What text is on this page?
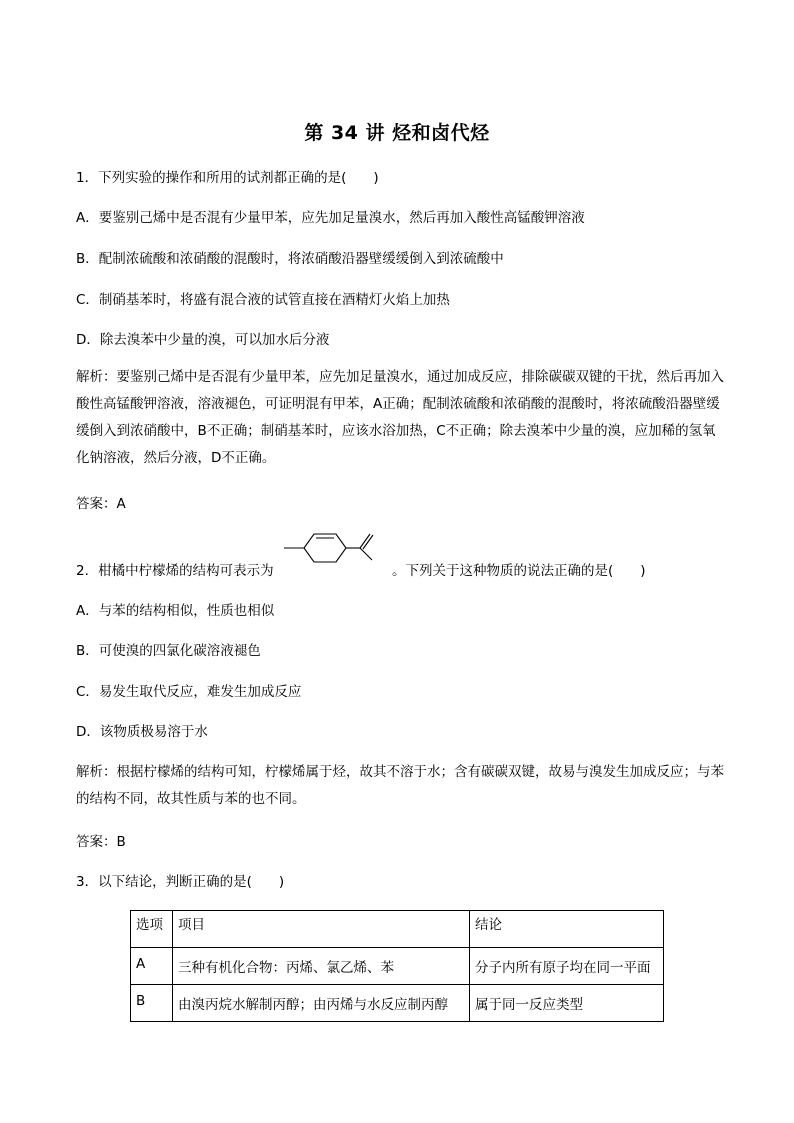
第 34 讲 烃和卤代烃
1．下列实验的操作和所用的试剂都正确的是(　　)
A．要鉴别己烯中是否混有少量甲苯，应先加足量溴水，然后再加入酸性高锰酸钾溶液
B．配制浓硫酸和浓硝酸的混酸时，将浓硝酸沿器壁缓缓倒入到浓硫酸中
C．制硝基苯时，将盛有混合液的试管直接在酒精灯火焰上加热
D．除去溴苯中少量的溴，可以加水后分液
解析：要鉴别己烯中是否混有少量甲苯，应先加足量溴水，通过加成反应，排除碳碳双键的干扰，然后再加入酸性高锰酸钾溶液，溶液褪色，可证明混有甲苯，A正确；配制浓硫酸和浓硝酸的混酸时，将浓硫酸沿器壁缓缓倒入到浓硝酸中，B不正确；制硝基苯时，应该水浴加热，C不正确；除去溴苯中少量的溴，应加稀的氢氧化钠溶液，然后分液，D不正确。
答案：A
2．柑橘中柠檬烯的结构可表示为	。下列关于这种物质的说法正确的是(　　)
A．与苯的结构相似，性质也相似
B．可使溴的四氯化碳溶液褪色
C．易发生取代反应，难发生加成反应
D．该物质极易溶于水
解析：根据柠檬烯的结构可知，柠檬烯属于烃，故其不溶于水；含有碳碳双键，故易与溴发生加成反应；与苯的结构不同，故其性质与苯的也不同。
答案：B
3．以下结论，判断正确的是(　　)
选项	项目	结论
A	三种有机化合物：丙烯、氯乙烯、苯	分子内所有原子均在同一平面
B	由溴丙烷水解制丙醇；由丙烯与水反应制丙醇	属于同一反应类型
